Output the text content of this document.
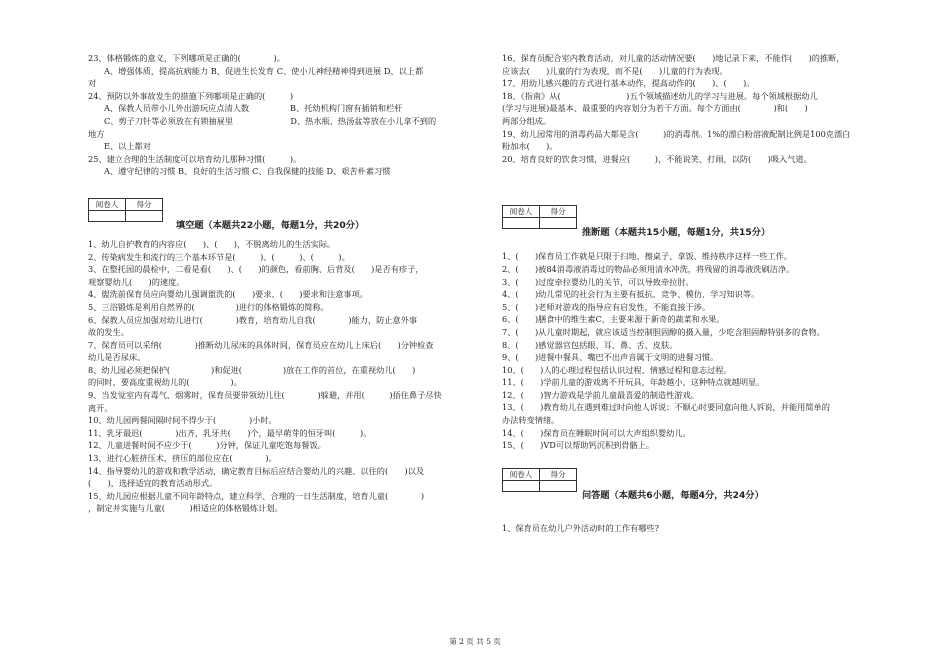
23、体格锻炼的意义，下列哪项是正确的(　　　　)。
A、增强体质，提高抗病能力 B、促进生长发育 C、使小儿神经精神得到进展 D、以上都
对
24、预防以外事故发生的措施下列哪项是正确的(　　　)
A、保教人员带小儿外出游玩应点清人数　　　　　B、托幼机构门窗有插销和栏杆
C、剪子刀针等必须放在有锁抽屉里　　　　　　　D、热水瓶、热汤盆等放在小儿拿不到的
地方
E、以上都对
25、建立合理的生活制度可以培育幼儿那种习惯(　　　)。
A、遵守纪律的习惯 B、良好的生活习惯 C、自我保健的技能 D、艰苦朴素习惯
阅卷人	得分

填空题（本题共22小题，每题1分，共20分）
1、幼儿自护教育的内容应(　　)、(　　)，不脱离幼儿的生活实际。
2、传染病发生和流行的三个基本环节是(　　　)、(　　　)、(　　　)。
3、在整托园的晨检中，二看是看(　　)、(　　)的颜色，看前胸、后背及(　　)是否有疹子，
观察婴幼儿(　　)的速度。
4、盥洗前保育员应向婴幼儿强调盥洗的(　　)要求、(　　)要求和注意事项。
5、三浴锻炼是利用自然界的(　　　　　)进行的体格锻炼的简称。
6、保教人员应加强对幼儿进行(　　　　)教育，培育幼儿自我(　　　　)能力，防止意外事
故的发生。
7、保育员可以采纳(　　　　)推断幼儿尿床的具体时间，保育员应在幼儿上床后(　　)分钟检查
幼儿是否尿床。
8、幼儿园必须把保护(　　　　　)和促进(　　　　　)放在工作的首位，在重视幼儿(　　)
的同时，要高度重视幼儿的(　　　　　)。
9、当发觉室内有毒气、烟雾时，保育员要带领幼儿往(　　　　)躲避，并用(　　　)捂住鼻子尽快
离开。
10、幼儿园两餐间隔时间不得少于(　　　　)小时。
11、乳牙最迟(　　　　)出齐，乳牙共(　　)个，最早萌芽的恒牙叫(　　　)。
12、儿童进餐时间不应少于(　　　)分钟，保证儿童吃饱每餐饭。
13、进行心脏挤压术，挤压的部位应在(　　　　)。
14、指导婴幼儿的游戏和教学活动，确定教育目标后应结合婴幼儿的兴趣、以往的(　　)以及
(　　)，选择适宜的教育活动形式。
15、幼儿园应根据儿童不同年龄特点，建立科学、合理的一日生活制度，培育儿童(　　　　)
，制定并实施与儿童(　　　)相适应的体格锻炼计划。
16、保育员配合室内教育活动，对儿童的活动情况要(　　)地记录下来，不能作(　　)的推断，
应该去(　　)儿童的行为表现，而不是(　　)儿童的行为表现。
17、用幼儿感兴趣的方式进行基本动作，提高动作的(　　)、(　　)。
18、《指南》从(　　　　　　　　)五个领域描述幼儿的学习与进展。每个领域根据幼儿
(学习与进展)最基本、最重要的内容划分为若干方面。每个方面由(　　　　)和(　　)
两部分组成。
19、幼儿园常用的消毒药品大都是含(　　　)的消毒剂。1%的漂白粉溶液配制比例是100克漂白
粉加水(　　)。
20、培育良好的饮食习惯，进餐应(　　　)，不能说笑、打闹，以防(　　)吸入气道。
阅卷人	得分

推断题（本题共15小题，每题1分，共15分）
1、(　　)保育员工作就是只限于扫地、擦桌子、拿饭、维持秩序这样一些工作。
2、(　　)被84消毒液消毒过的物品必须用清水冲洗，将残留的消毒液洗刷洁净。
3、(　　)过度牵拉婴幼儿的关节，可以导致牵拉肘。
4、(　　)幼儿常见的社会行为主要有抵抗、竞争、模仿、学习知识等。
5、(　　)老师对游戏的指导应有启发性，不能直接干涉。
6、(　　)膳食中的维生素C，主要来源于新奇的蔬菜和水果。
7、(　　)从儿童时期起，就应该适当控制胆固醇的摄入量，少吃含胆固醇特别多的食物。
8、(　　)感觉器官包括眼、耳、鼻、舌、皮肤。
9、(　　)进餐中餐具、嘴巴不出声音属于文明的进餐习惯。
10、(　　)人的心理过程包括认识过程、情感过程和意志过程。
11、(　　)学前儿童的游戏离不开玩具，年龄越小，这种特点就越明显。
12、(　　)智力游戏是学前儿童最喜爱的制造性游戏。
13、(　　)教育幼儿在遇到难过时向他人诉说；不顺心时要同意向他人诉说，并能用简单的
办法转变情绪。
14、(　　)保育员在睡眠时间可以大声组织婴幼儿。
15、(　　)VD可以帮助钙沉积到骨骼上。
阅卷人	得分

问答题（本题共6小题，每题4分，共24分）
1、保育员在幼儿户外活动时的工作有哪些?
第 2 页 共 5 页
